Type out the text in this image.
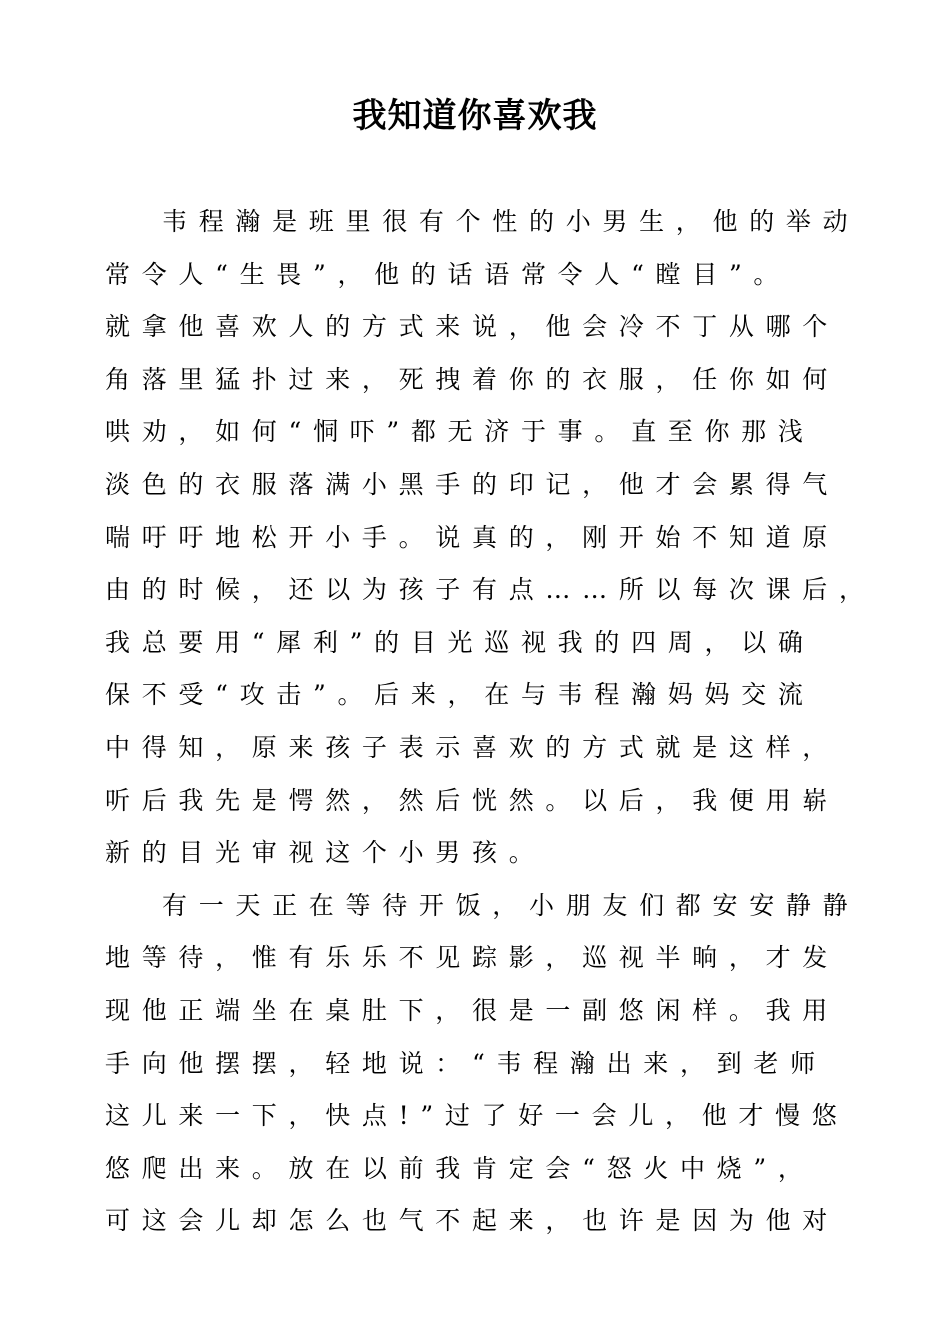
我知道你喜欢我
韦程瀚是班里很有个性的小男生，他的举动
常令人“生畏”，他的话语常令人“瞠目”。
就拿他喜欢人的方式来说，他会冷不丁从哪个
角落里猛扑过来，死拽着你的衣服，任你如何
哄劝，如何“恫吓”都无济于事。直至你那浅
淡色的衣服落满小黑手的印记，他才会累得气
喘吁吁地松开小手。说真的，刚开始不知道原
由的时候，还以为孩子有点……所以每次课后，
我总要用“犀利”的目光巡视我的四周，以确
保不受“攻击”。后来，在与韦程瀚妈妈交流
中得知，原来孩子表示喜欢的方式就是这样，
听后我先是愕然，然后恍然。以后，我便用崭
新的目光审视这个小男孩。
有一天正在等待开饭，小朋友们都安安静静
地等待，惟有乐乐不见踪影，巡视半晌，才发
现他正端坐在桌肚下，很是一副悠闲样。我用
手向他摆摆，轻地说：“韦程瀚出来，到老师
这儿来一下，快点!”过了好一会儿，他才慢悠
悠爬出来。放在以前我肯定会“怒火中烧”，
可这会儿却怎么也气不起来，也许是因为他对
